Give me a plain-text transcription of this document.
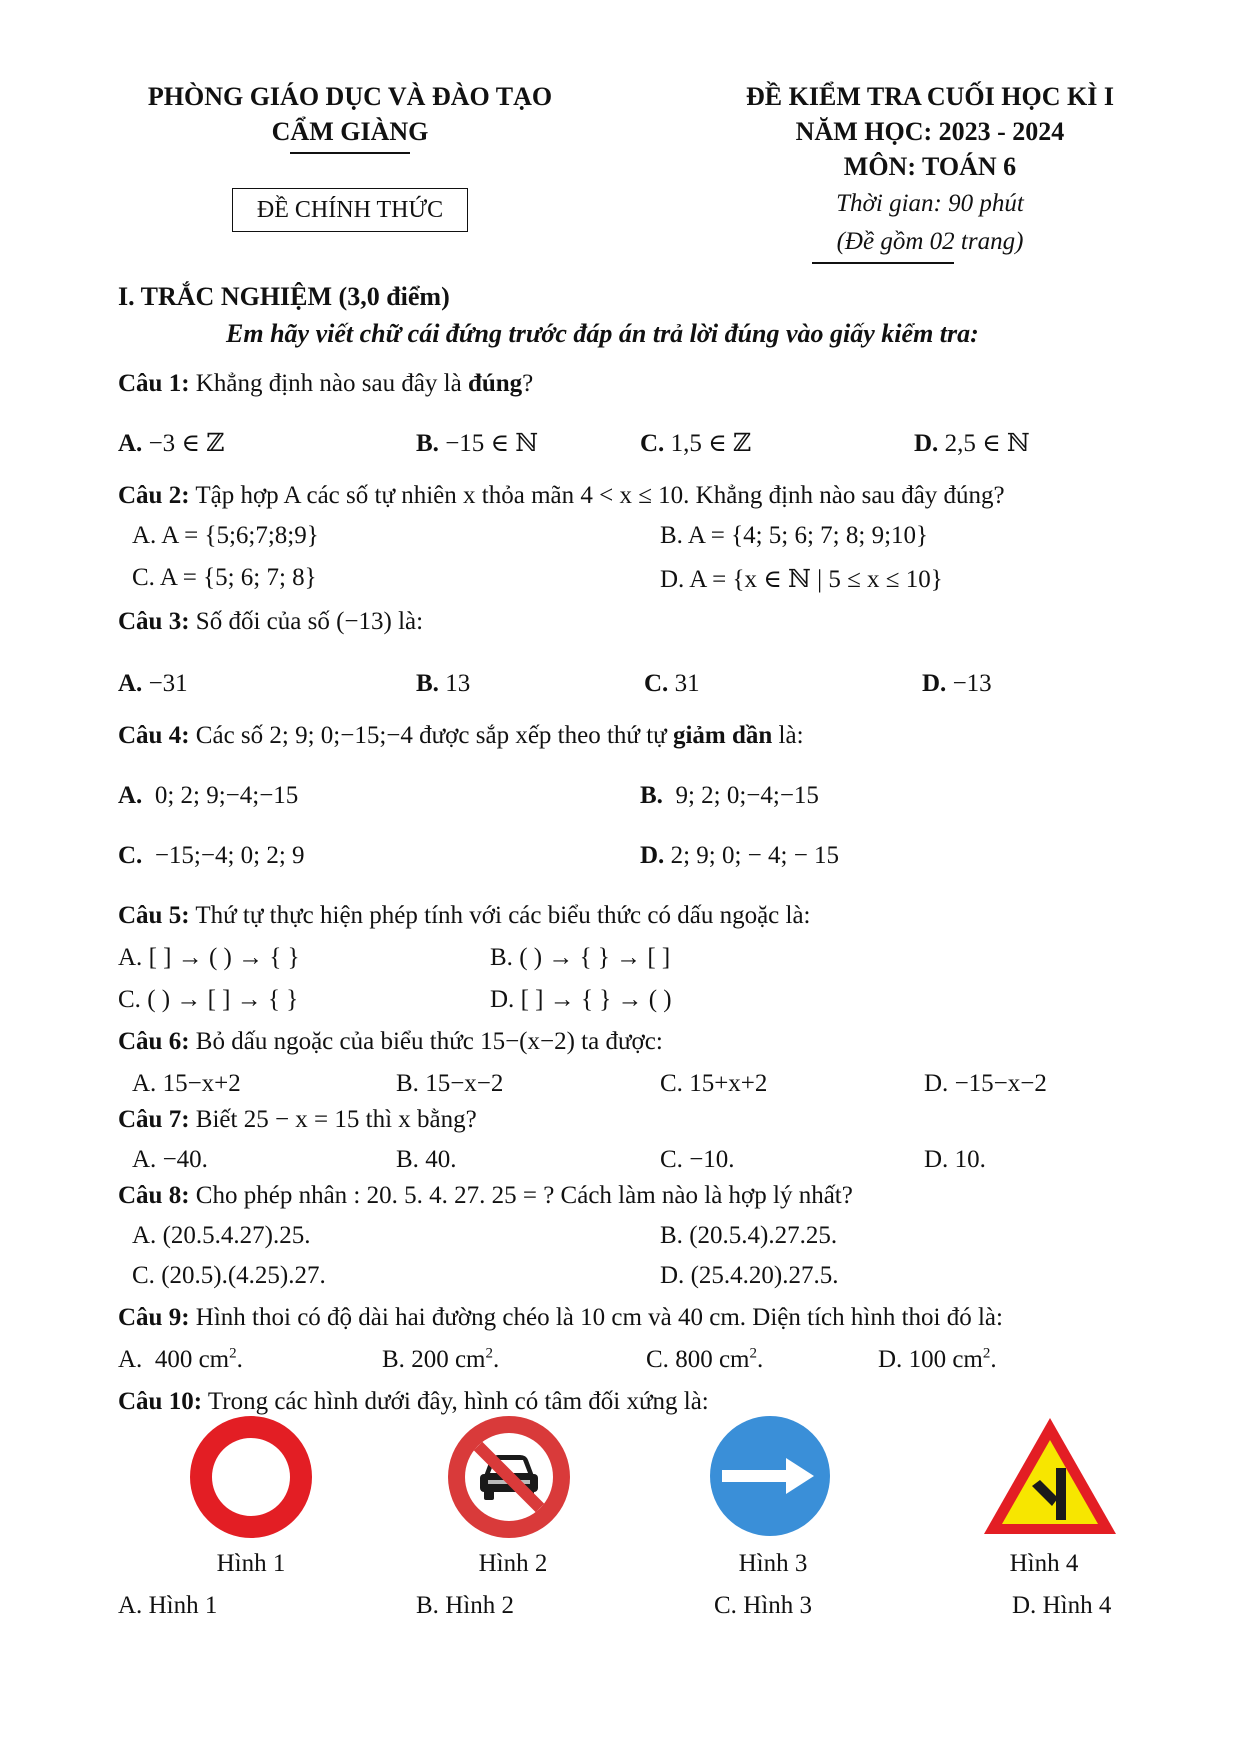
PHÒNG GIÁO DỤC VÀ ĐÀO TẠO
CẨM GIÀNG
ĐỀ CHÍNH THỨC
ĐỀ KIỂM TRA CUỐI HỌC KÌ I
NĂM HỌC: 2023 - 2024
MÔN: TOÁN 6
Thời gian: 90 phút
(Đề gồm 02 trang)
I. TRẮC NGHIỆM (3,0 điểm)
Em hãy viết chữ cái đứng trước đáp án trả lời đúng vào giấy kiểm tra:
Câu 1: Khẳng định nào sau đây là đúng?
A. −3 ∈ ℤ	B. −15 ∈ ℕ	C. 1,5 ∈ ℤ	D. 2,5 ∈ ℕ
Câu 2: Tập hợp A các số tự nhiên x thỏa mãn 4 < x ≤ 10. Khẳng định nào sau đây đúng?
A. A = {5;6;7;8;9}	B. A = {4; 5; 6; 7; 8; 9;10}
C. A = {5; 6; 7; 8}	D. A = {x ∈ ℕ | 5 ≤ x ≤ 10}
Câu 3: Số đối của số (−13) là:
A. −31	B. 13	C. 31	D. −13
Câu 4: Các số 2; 9; 0;−15;−4 được sắp xếp theo thứ tự giảm dần là:
A. 0; 2; 9;−4;−15	B. 9; 2; 0;−4;−15
C. −15;−4; 0; 2; 9	D. 2; 9; 0; − 4; − 15
Câu 5: Thứ tự thực hiện phép tính với các biểu thức có dấu ngoặc là:
A. [ ] → ( ) → { }	B. ( ) → { } → [ ]
C. ( ) → [ ] → { }	D. [ ] → { } → ( )
Câu 6: Bỏ dấu ngoặc của biểu thức 15−(x−2) ta được:
A. 15−x+2	B. 15−x−2	C. 15+x+2	D. −15−x−2
Câu 7: Biết 25 − x = 15 thì x bằng?
A. −40.	B. 40.	C. −10.	D. 10.
Câu 8: Cho phép nhân : 20. 5. 4. 27. 25 = ? Cách làm nào là hợp lý nhất?
A. (20.5.4.27).25.	B. (20.5.4).27.25.
C. (20.5).(4.25).27.	D. (25.4.20).27.5.
Câu 9: Hình thoi có độ dài hai đường chéo là 10 cm và 40 cm. Diện tích hình thoi đó là:
A. 400 $cm^2$.	B. 200 $cm^2$.	C. 800 $cm^2$.	D. 100 $cm^2$.
Câu 10: Trong các hình dưới đây, hình có tâm đối xứng là:
Hình 1	Hình 2	Hình 3	Hình 4
A. Hình 1	B. Hình 2	C. Hình 3	D. Hình 4
